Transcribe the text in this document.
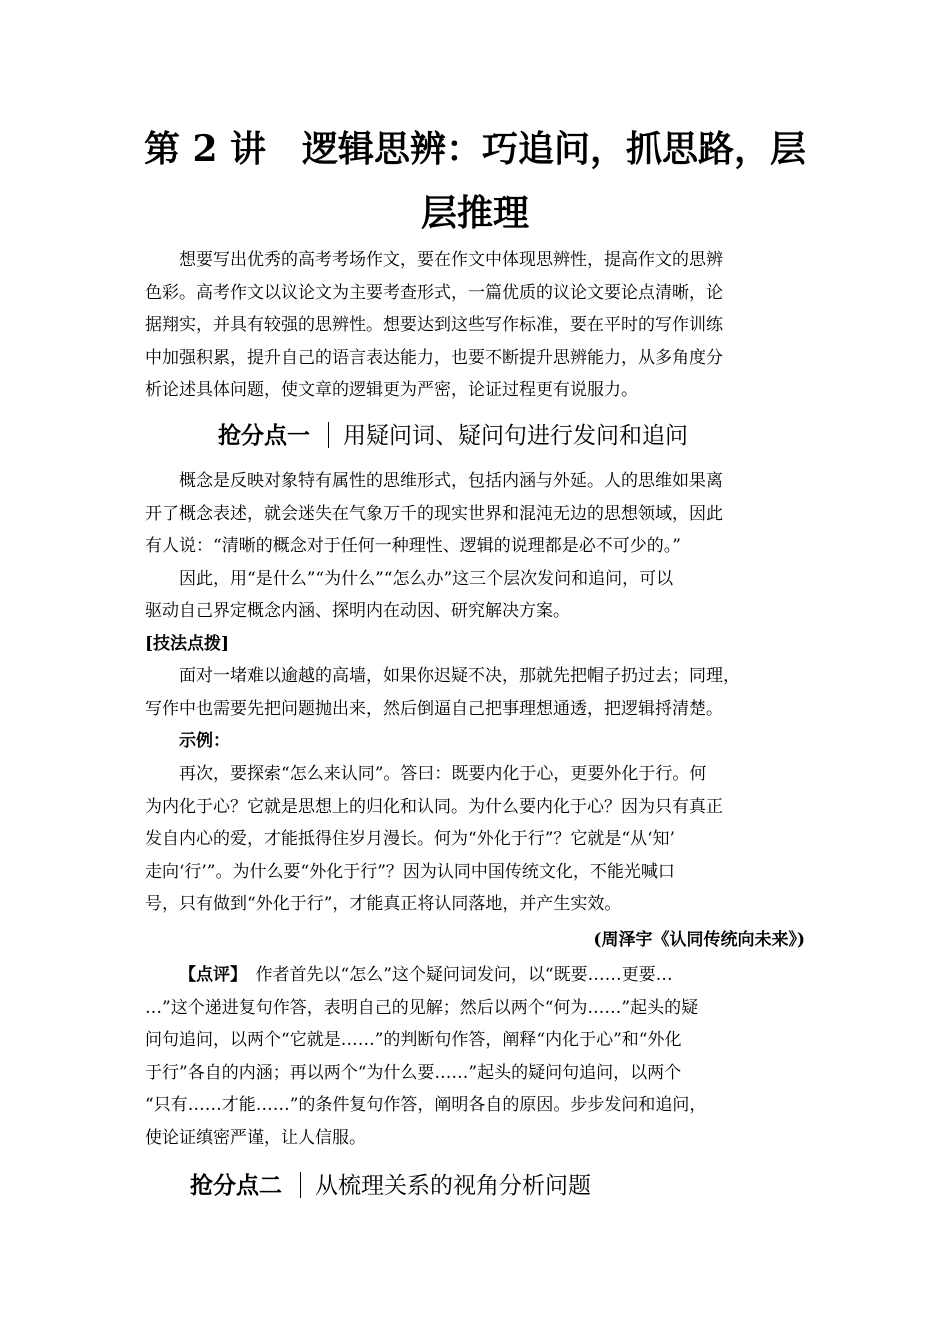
第 2 讲　逻辑思辨：巧追问，抓思路，层
层推理
　　想要写出优秀的高考考场作文，要在作文中体现思辨性，提高作文的思辨
色彩。高考作文以议论文为主要考查形式，一篇优质的议论文要论点清晰，论
据翔实，并具有较强的思辨性。想要达到这些写作标准，要在平时的写作训练
中加强积累，提升自己的语言表达能力，也要不断提升思辨能力，从多角度分
析论述具体问题，使文章的逻辑更为严密，论证过程更有说服力。
抢分点一 用疑问词、疑问句进行发问和追问
　　概念是反映对象特有属性的思维形式，包括内涵与外延。人的思维如果离
开了概念表述，就会迷失在气象万千的现实世界和混沌无边的思想领域，因此
有人说：“清晰的概念对于任何一种理性、逻辑的说理都是必不可少的。”
　　因此，用“是什么”“为什么”“怎么办”这三个层次发问和追问，可以
驱动自己界定概念内涵、探明内在动因、研究解决方案。
[技法点拨]
　　面对一堵难以逾越的高墙，如果你迟疑不决，那就先把帽子扔过去；同理，
写作中也需要先把问题抛出来，然后倒逼自己把事理想通透，把逻辑捋清楚。
　　示例：
　　再次，要探索“怎么来认同”。答曰：既要内化于心，更要外化于行。何
为内化于心？它就是思想上的归化和认同。为什么要内化于心？因为只有真正
发自内心的爱，才能抵得住岁月漫长。何为“外化于行”？它就是“从‘知’
走向‘行’”。为什么要“外化于行”？因为认同中国传统文化，不能光喊口
号，只有做到“外化于行”，才能真正将认同落地，并产生实效。
(周泽宇《认同传统向未来》)
【点评】　作者首先以“怎么”这个疑问词发问，以“既要……更要…
…”这个递进复句作答，表明自己的见解；然后以两个“何为……”起头的疑
问句追问，以两个“它就是……”的判断句作答，阐释“内化于心”和“外化
于行”各自的内涵；再以两个“为什么要……”起头的疑问句追问，以两个
“只有……才能……”的条件复句作答，阐明各自的原因。步步发问和追问，
使论证缜密严谨，让人信服。
抢分点二 从梳理关系的视角分析问题
